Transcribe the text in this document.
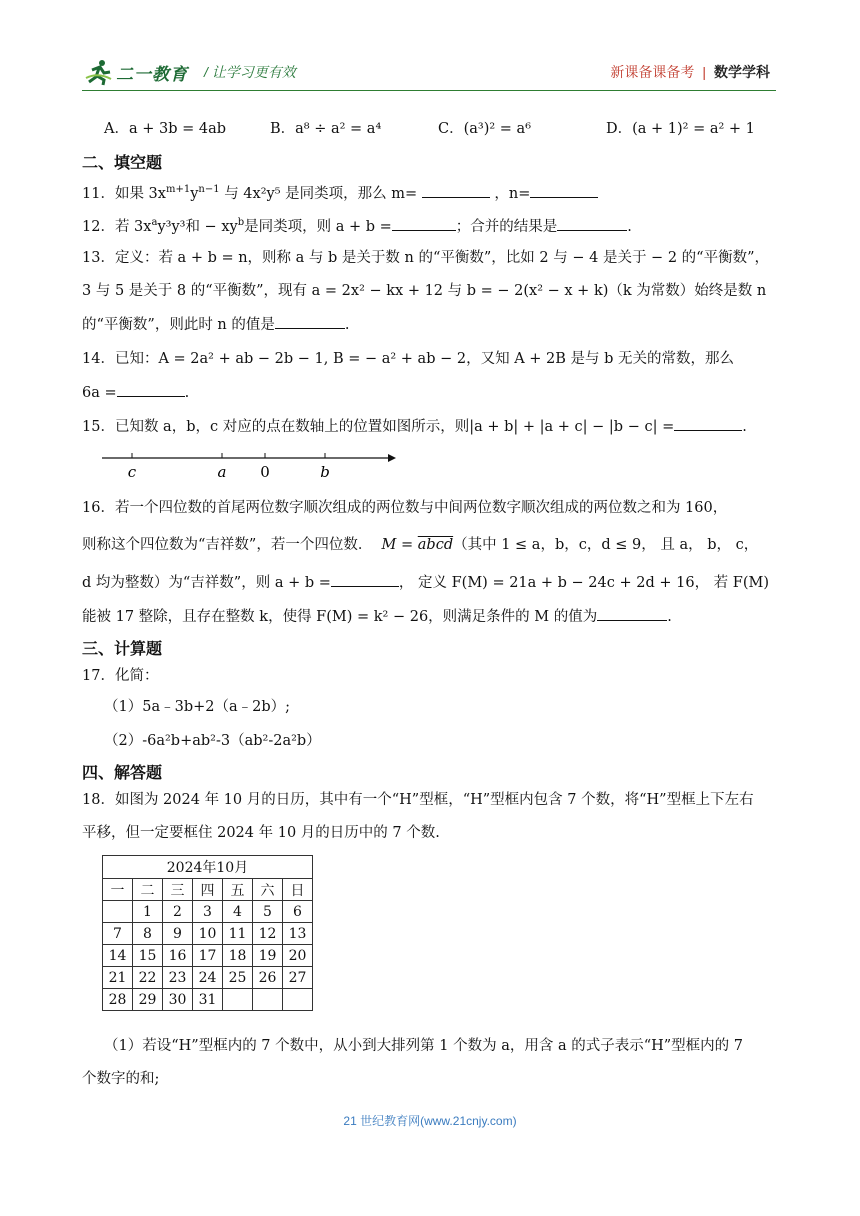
二一教育 / 让学习更有效	新课备课备考 | 数学学科
A．a + 3b = 4ab	B．a⁸ ÷ a² = a⁴	C．(a³)² = a⁶	D．(a + 1)² = a² + 1
二、填空题
11．如果 $3x^{m+1}y^{n-1}$ 与 4x²y⁵ 是同类项，那么 m=	，n=
12．若 $3x^ay^3y^3$和 − $xy^b$是同类项，则 a + b =	；合并的结果是	.
13．定义：若 a + b = n，则称 a 与 b 是关于数 n 的“平衡数”，比如 2 与 − 4 是关于 − 2 的“平衡数”，
3 与 5 是关于 8 的“平衡数”，现有 a = 2x² − kx + 12 与 b = − 2(x² − x + k)（k 为常数）始终是数 n
的“平衡数”，则此时 n 的值是	.
14．已知：A = 2a² + ab − 2b − 1, B = − a² + ab − 2，又知 A + 2B 是与 b 无关的常数，那么
6a =	.
15．已知数 a，b，c 对应的点在数轴上的位置如图所示，则|a + b| + |a + c| − |b − c| =	.
c	a 0	b
16．若一个四位数的首尾两位数字顺次组成的两位数与中间两位数字顺次组成的两位数之和为 160，
则称这个四位数为“吉祥数”，若一个四位数． M = abcd（其中 1 ≤ a，b，c，d ≤ 9， 且 a， b， c，
d 均为整数）为“吉祥数”，则 a + b =	， 定义 F(M) = 21a + b − 24c + 2d + 16， 若 F(M)
能被 17 整除，且存在整数 k，使得 F(M) = k² − 26，则满足条件的 M 的值为	.
三、计算题
17．化简：
（1）5a﹣3b+2（a﹣2b）;
（2）-6a²b+ab²-3（ab²-2a²b）
四、解答题
18．如图为 2024 年 10 月的日历，其中有一个“H”型框，“H”型框内包含 7 个数，将“H”型框上下左右
平移，但一定要框住 2024 年 10 月的日历中的 7 个数.
2024年10月						
一	二	三	四	五	六	日
	1	2	3	4	5	6
7	8	9	10	11	12	13
14	15	16	17	18	19	20
21	22	23	24	25	26	27
28	29	30	31			
（1）若设“H”型框内的 7 个数中，从小到大排列第 1 个数为 a，用含 a 的式子表示“H”型框内的 7
个数字的和;
21 世纪教育网(www.21cnjy.com)
